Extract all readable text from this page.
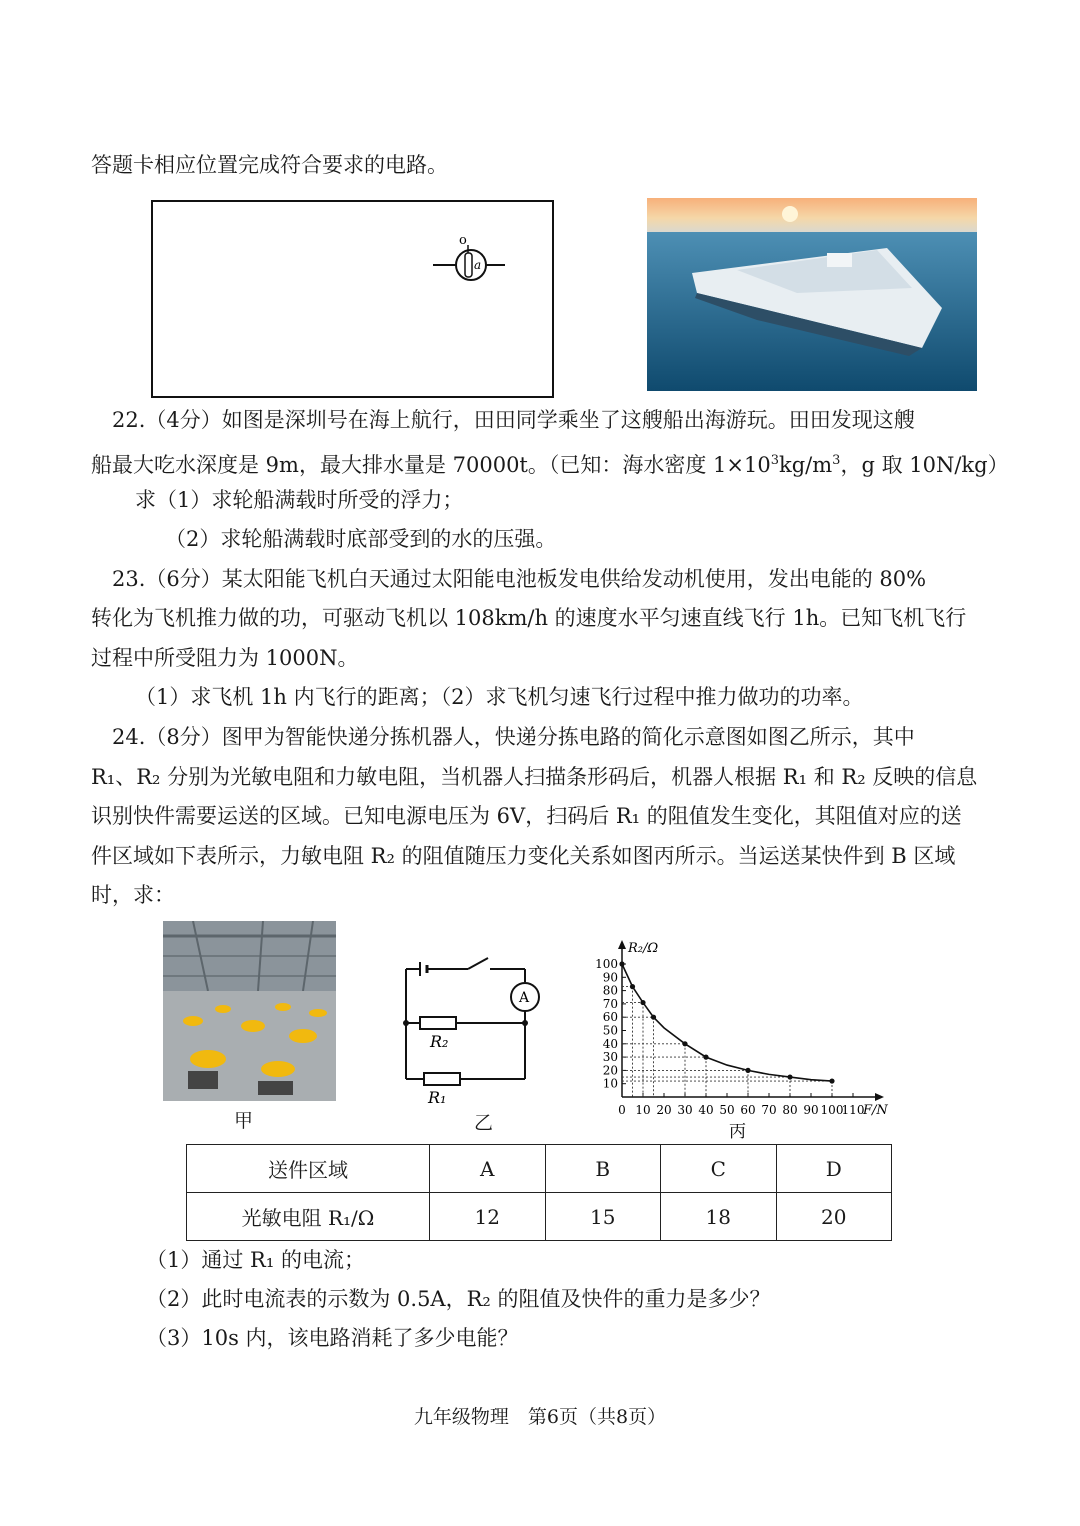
答题卡相应位置完成符合要求的电路。
o
a
22.（4分）如图是深圳号在海上航行，田田同学乘坐了这艘船出海游玩。田田发现这艘
船最大吃水深度是 9m，最大排水量是 70000t。（已知：海水密度 $1\times 10^3kg/m^3$，g 取 10N/kg）
求（1）求轮船满载时所受的浮力；
（2）求轮船满载时底部受到的水的压强。
23.（6分）某太阳能飞机白天通过太阳能电池板发电供给发动机使用，发出电能的 80%
转化为飞机推力做的功，可驱动飞机以 108km/h 的速度水平匀速直线飞行 1h。已知飞机飞行
过程中所受阻力为 1000N。
（1）求飞机 1h 内飞行的距离；（2）求飞机匀速飞行过程中推力做功的功率。
24.（8分）图甲为智能快递分拣机器人，快递分拣电路的简化示意图如图乙所示，其中
R₁、R₂ 分别为光敏电阻和力敏电阻，当机器人扫描条形码后，机器人根据 R₁ 和 R₂ 反映的信息
识别快件需要运送的区域。已知电源电压为 6V，扫码后 R₁ 的阻值发生变化，其阻值对应的送
件区域如下表所示，力敏电阻 R₂ 的阻值随压力变化关系如图丙所示。当运送某快件到 B 区域
时，求：
甲
A
R₂
R₁
乙
10
20
30
40
50
60
70
80
90
100
0 10 20 30 40 50 60 70 80 90 100
110
R₂/Ω
F/N
丙
送件区域	A	B	C	D
光敏电阻 R₁/Ω	12	15	18	20
（1）通过 R₁ 的电流；
（2）此时电流表的示数为 0.5A，R₂ 的阻值及快件的重力是多少？
（3）10s 内，该电路消耗了多少电能？
九年级物理　第6页（共8页）
